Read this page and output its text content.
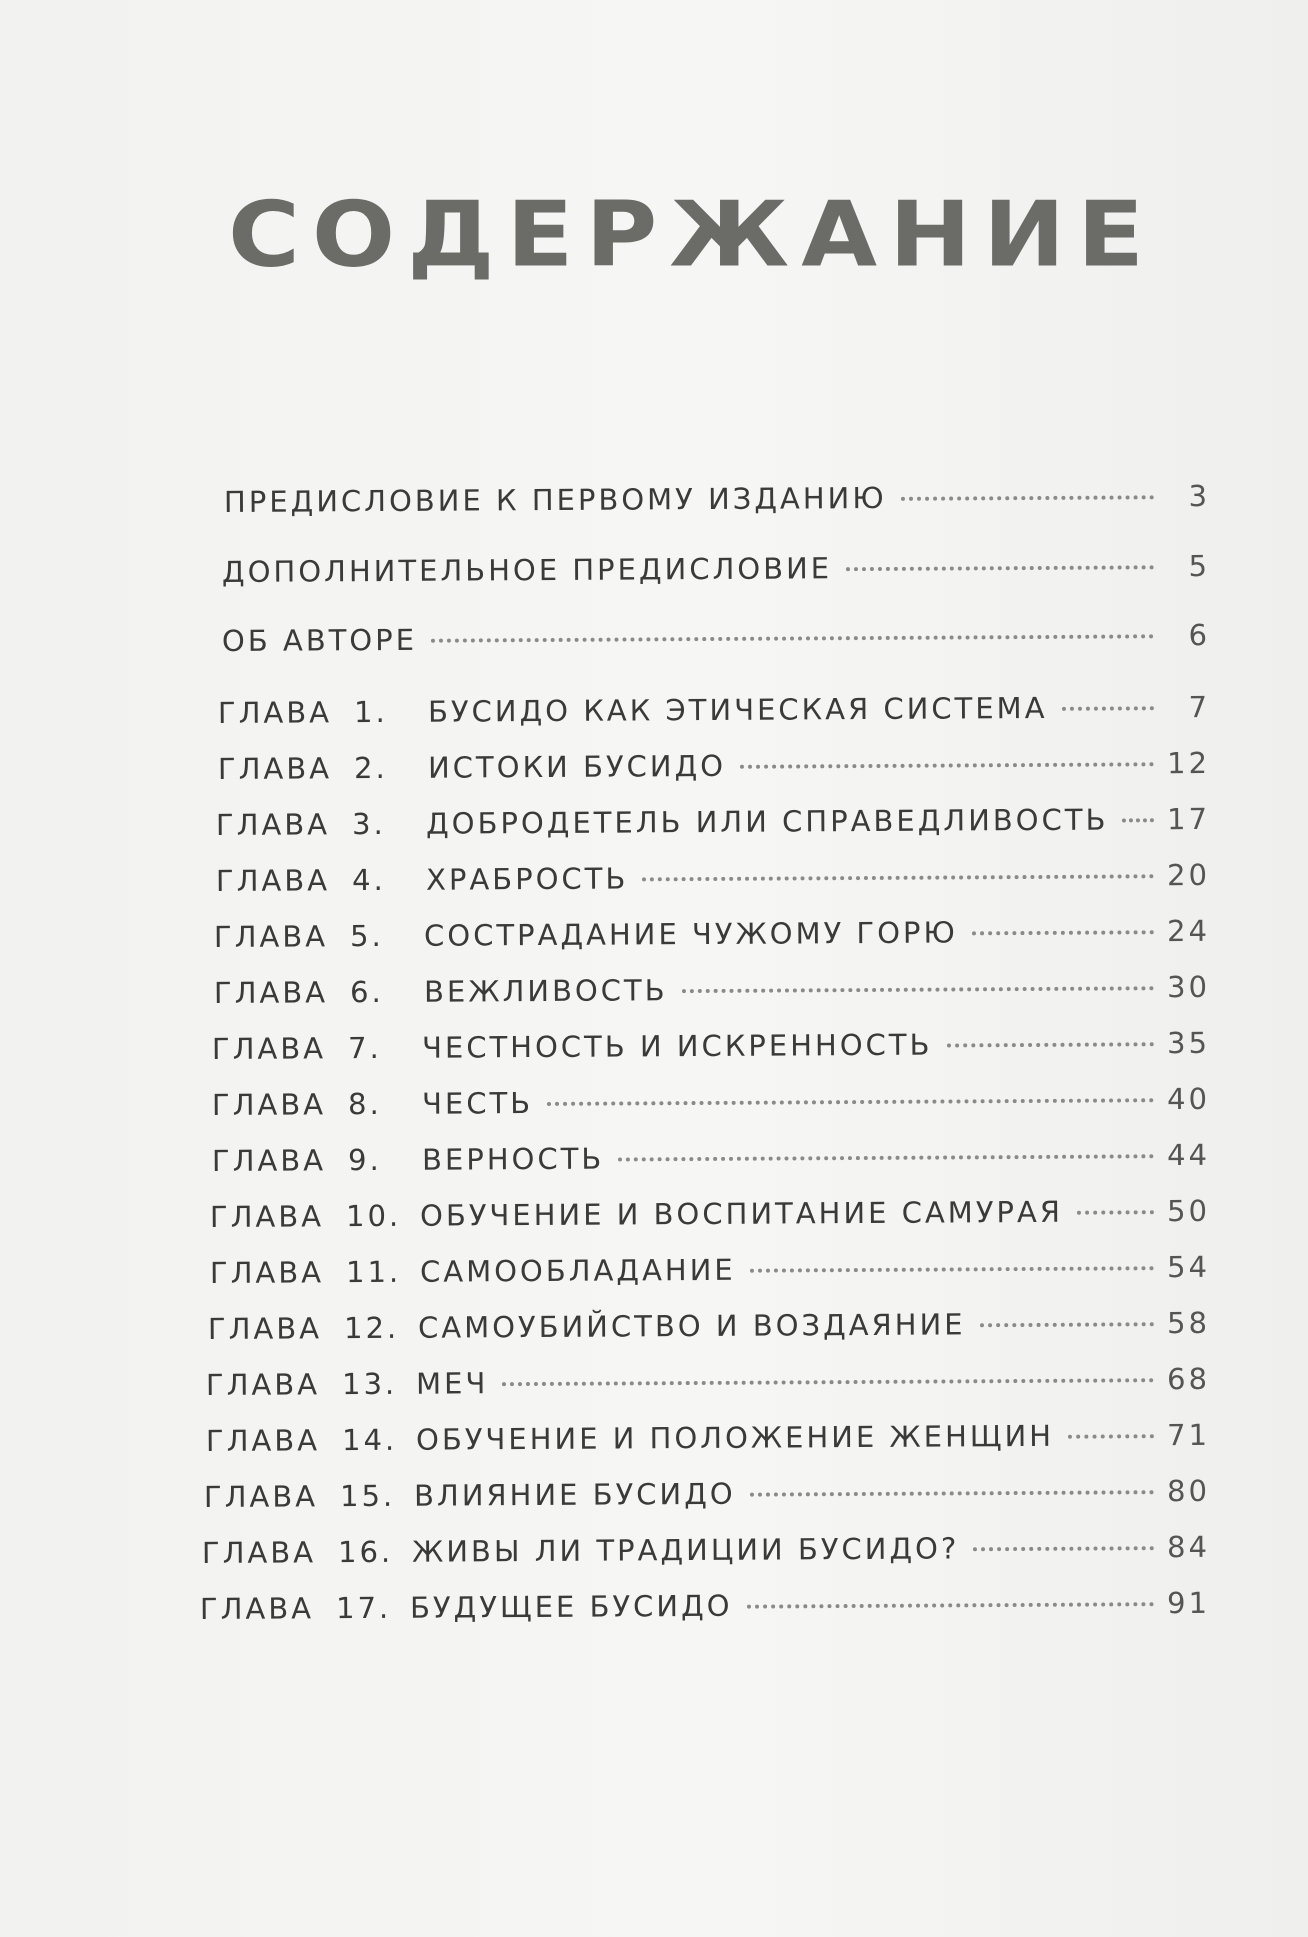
СОДЕРЖАНИЕ
ПРЕДИСЛОВИЕ К ПЕРВОМУ ИЗДАНИЮ	3
ДОПОЛНИТЕЛЬНОЕ ПРЕДИСЛОВИЕ	5
ОБ АВТОРЕ	6
ГЛАВА 1. БУСИДО КАК ЭТИЧЕСКАЯ СИСТЕМА	7
ГЛАВА 2. ИСТОКИ БУСИДО	12
ГЛАВА 3. ДОБРОДЕТЕЛЬ ИЛИ СПРАВЕДЛИВОСТЬ 17
ГЛАВА 4. ХРАБРОСТЬ	20
ГЛАВА 5. СОСТРАДАНИЕ ЧУЖОМУ ГОРЮ	24
ГЛАВА 6. ВЕЖЛИВОСТЬ	30
ГЛАВА 7. ЧЕСТНОСТЬ И ИСКРЕННОСТЬ	35
ГЛАВА 8. ЧЕСТЬ	40
ГЛАВА 9. ВЕРНОСТЬ	44
ГЛАВА 10. ОБУЧЕНИЕ И ВОСПИТАНИЕ САМУРАЯ	50
ГЛАВА 11. САМООБЛАДАНИЕ	54
ГЛАВА 12. САМОУБИЙСТВО И ВОЗДАЯНИЕ	58
ГЛАВА 13. МЕЧ	68
ГЛАВА 14. ОБУЧЕНИЕ И ПОЛОЖЕНИЕ ЖЕНЩИН	71
ГЛАВА 15. ВЛИЯНИЕ БУСИДО	80
ГЛАВА 16. ЖИВЫ ЛИ ТРАДИЦИИ БУСИДО?	84
ГЛАВА 17. БУДУЩЕЕ БУСИДО	91
